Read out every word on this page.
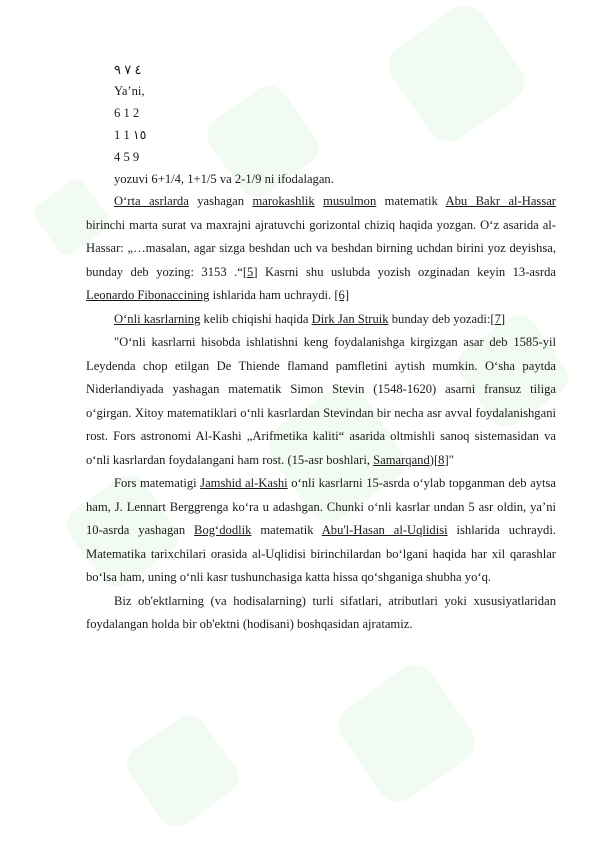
٤ ٧ ٩
Ya’ni,
6 1 2
1 1 ١٥
4 5 9
yozuvi 6+1/4, 1+1/5 va 2-1/9 ni ifodalagan.
O‘rta asrlarda yashagan marokashlik musulmon matematik Abu Bakr al-Hassar birinchi marta surat va maxrajni ajratuvchi gorizontal chiziq haqida yozgan. O‘z asarida al-Hassar: „…masalan, agar sizga beshdan uch va beshdan birning uchdan birini yoz deyishsa, bunday deb yozing: 3153 .“[5] Kasrni shu uslubda yozish ozginadan keyin 13-asrda Leonardo Fibonaccining ishlarida ham uchraydi. [6]
O‘nli kasrlarning kelib chiqishi haqida Dirk Jan Struik bunday deb yozadi:[7]
"O‘nli kasrlarni hisobda ishlatishni keng foydalanishga kirgizgan asar deb 1585-yil Leydenda chop etilgan De Thiende flamand pamfletini aytish mumkin. O‘sha paytda Niderlandiyada yashagan matematik Simon Stevin (1548-1620) asarni fransuz tiliga o‘girgan. Xitoy matematiklari o‘nli kasrlardan Stevindan bir necha asr avval foydalanishgani rost. Fors astronomi Al-Kashi „Arifmetika kaliti“ asarida oltmishli sanoq sistemasidan va o‘nli kasrlardan foydalangani ham rost. (15-asr boshlari, Samarqand)[8]"
Fors matematigi Jamshid al-Kashi o‘nli kasrlarni 15-asrda o‘ylab topganman deb aytsa ham, J. Lennart Berggrenga ko‘ra u adashgan. Chunki o‘nli kasrlar undan 5 asr oldin, ya’ni 10-asrda yashagan Bog‘dodlik matematik Abu'l-Hasan al-Uqlidisi ishlarida uchraydi. Matematika tarixchilari orasida al-Uqlidisi birinchilardan bo‘lgani haqida har xil qarashlar bo‘lsa ham, uning o‘nli kasr tushunchasiga katta hissa qo‘shganiga shubha yo‘q.
Biz ob'ektlarning (va hodisalarning) turli sifatlari, atributlari yoki xususiyatlaridan foydalangan holda bir ob'ektni (hodisani) boshqasidan ajratamiz.
